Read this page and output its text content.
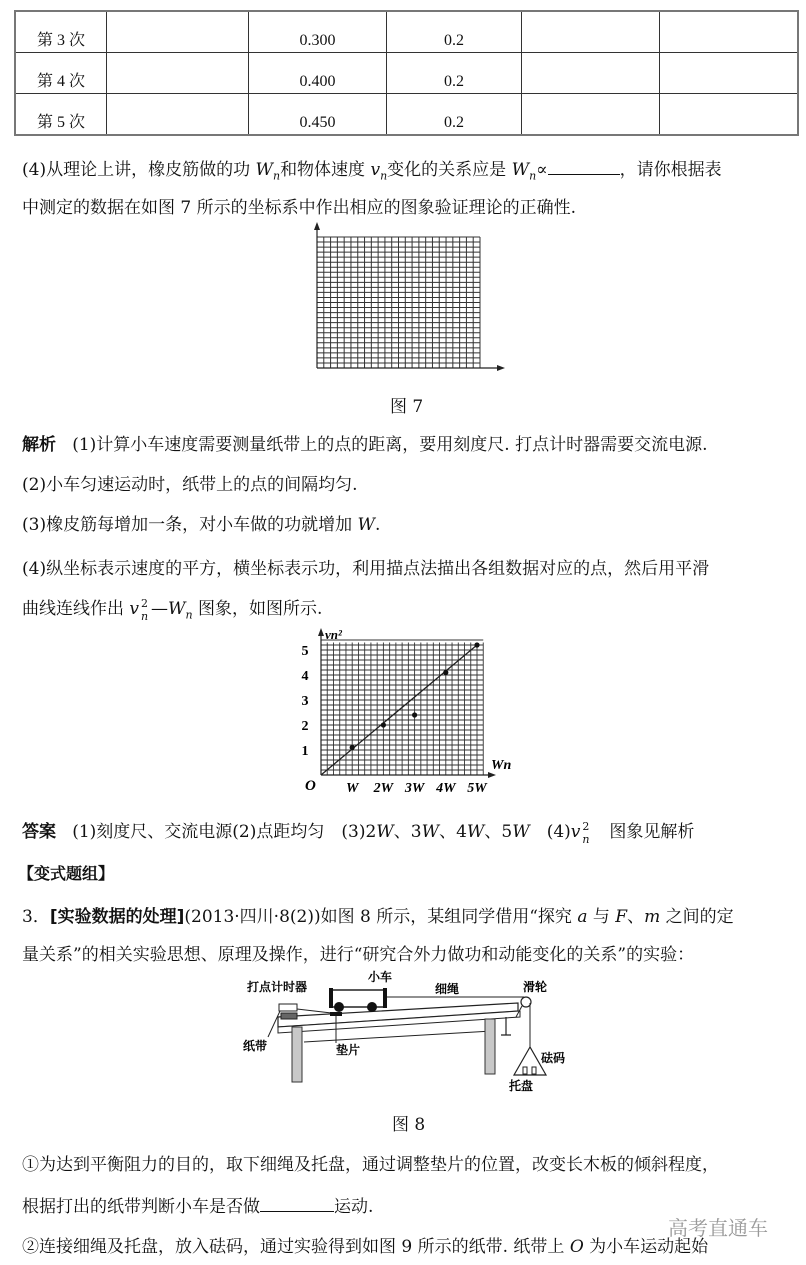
第 3 次		0.300	0.2		

第 4 次		0.400	0.2		

第 5 次		0.450	0.2		

(4)从理论上讲，橡皮筋做的功 $W_n$和物体速度 $v_n$变化的关系应是 $W_n\propto$	，请你根据表
中测定的数据在如图 7 所示的坐标系中作出相应的图象验证理论的正确性.
图 7
解析 (1)计算小车速度需要测量纸带上的点的距离，要用刻度尺. 打点计时器需要交流电源.
(2)小车匀速运动时，纸带上的点的间隔均匀.
(3)橡皮筋每增加一条，对小车做的功就增加 W.
(4)纵坐标表示速度的平方，横坐标表示功，利用描点法描出各组数据对应的点，然后用平滑
曲线连线作出 v 2
n $—W_n$ 图象，如图所示.
1
2
3
4
5
W 2W 3W 4W 5W
vn²
Wn
O
答案 (1)刻度尺、交流电源(2)点距均匀　(3)2W、3W、4W、5W　(4)v 2
n 　图象见解析
【变式题组】
3．[实验数据的处理](2013·四川·8(2))如图 8 所示，某组同学借用“探究 a 与 F、m 之间的定
量关系”的相关实验思想、原理及操作，进行“研究合外力做功和动能变化的关系”的实验：
打点计时器
小车
细绳	滑轮
纸带	垫片
砝码
托盘
图 8
①为达到平衡阻力的目的，取下细绳及托盘，通过调整垫片的位置，改变长木板的倾斜程度，
根据打出的纸带判断小车是否做	运动.
高考直通车
②连接细绳及托盘，放入砝码，通过实验得到如图 9 所示的纸带. 纸带上 O 为小车运动起始
